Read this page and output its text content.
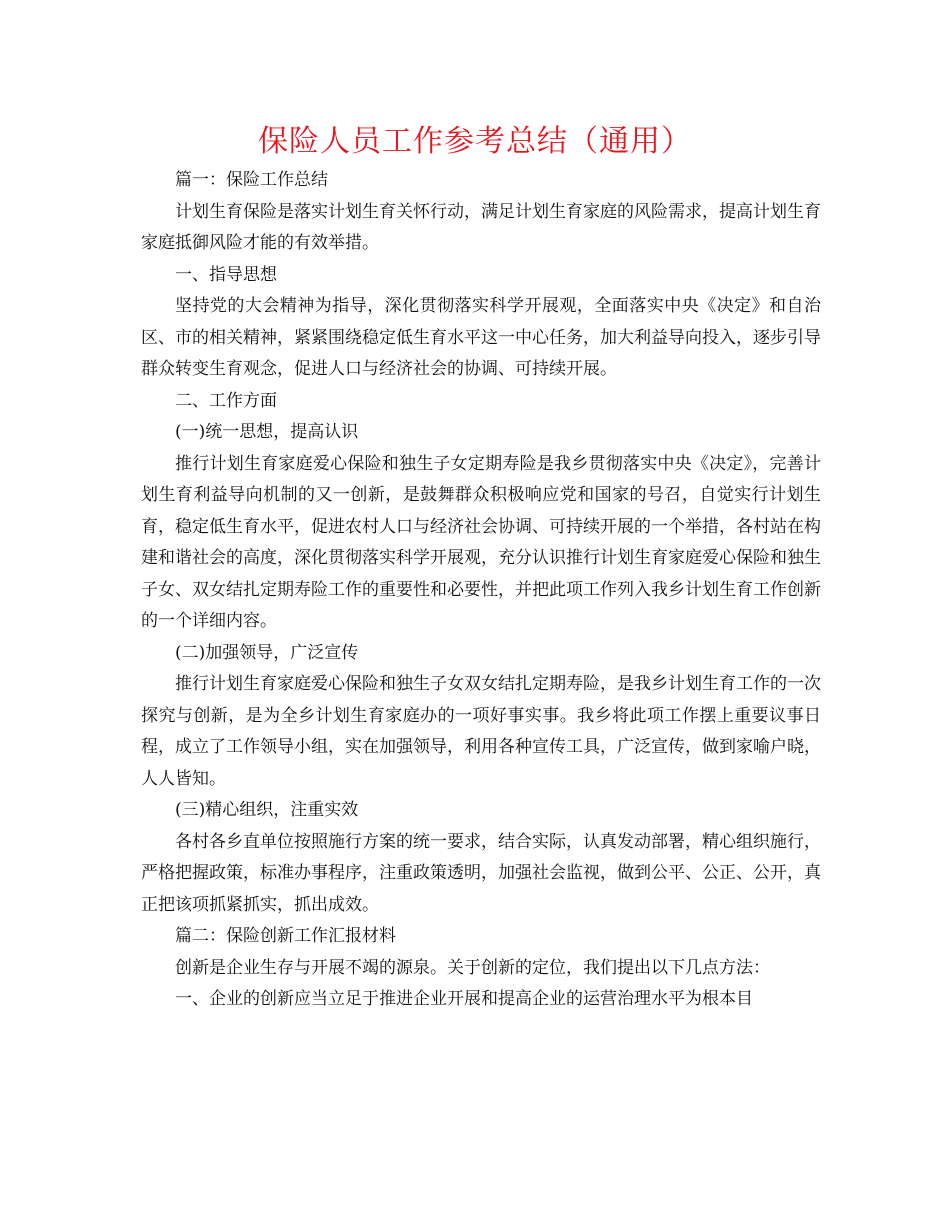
保险人员工作参考总结（通用）

篇一：保险工作总结

计划生育保险是落实计划生育关怀行动，满足计划生育家庭的风险需求，提高计划生育家庭抵御风险才能的有效举措。

一、指导思想

坚持党的大会精神为指导，深化贯彻落实科学开展观，全面落实中央《决定》和自治区、市的相关精神，紧紧围绕稳定低生育水平这一中心任务，加大利益导向投入，逐步引导群众转变生育观念，促进人口与经济社会的协调、可持续开展。

二、工作方面

(一)统一思想，提高认识

推行计划生育家庭爱心保险和独生子女定期寿险是我乡贯彻落实中央《决定》，完善计划生育利益导向机制的又一创新，是鼓舞群众积极响应党和国家的号召，自觉实行计划生育，稳定低生育水平，促进农村人口与经济社会协调、可持续开展的一个举措，各村站在构建和谐社会的高度，深化贯彻落实科学开展观，充分认识推行计划生育家庭爱心保险和独生子女、双女结扎定期寿险工作的重要性和必要性，并把此项工作列入我乡计划生育工作创新的一个详细内容。

(二)加强领导，广泛宣传

推行计划生育家庭爱心保险和独生子女双女结扎定期寿险，是我乡计划生育工作的一次探究与创新，是为全乡计划生育家庭办的一项好事实事。我乡将此项工作摆上重要议事日程，成立了工作领导小组，实在加强领导，利用各种宣传工具，广泛宣传，做到家喻户晓，人人皆知。

(三)精心组织，注重实效

各村各乡直单位按照施行方案的统一要求，结合实际，认真发动部署，精心组织施行，严格把握政策，标准办事程序，注重政策透明，加强社会监视，做到公平、公正、公开，真正把该项抓紧抓实，抓出成效。

篇二：保险创新工作汇报材料

创新是企业生存与开展不竭的源泉。关于创新的定位，我们提出以下几点方法：

一、企业的创新应当立足于推进企业开展和提高企业的运营治理水平为根本目
